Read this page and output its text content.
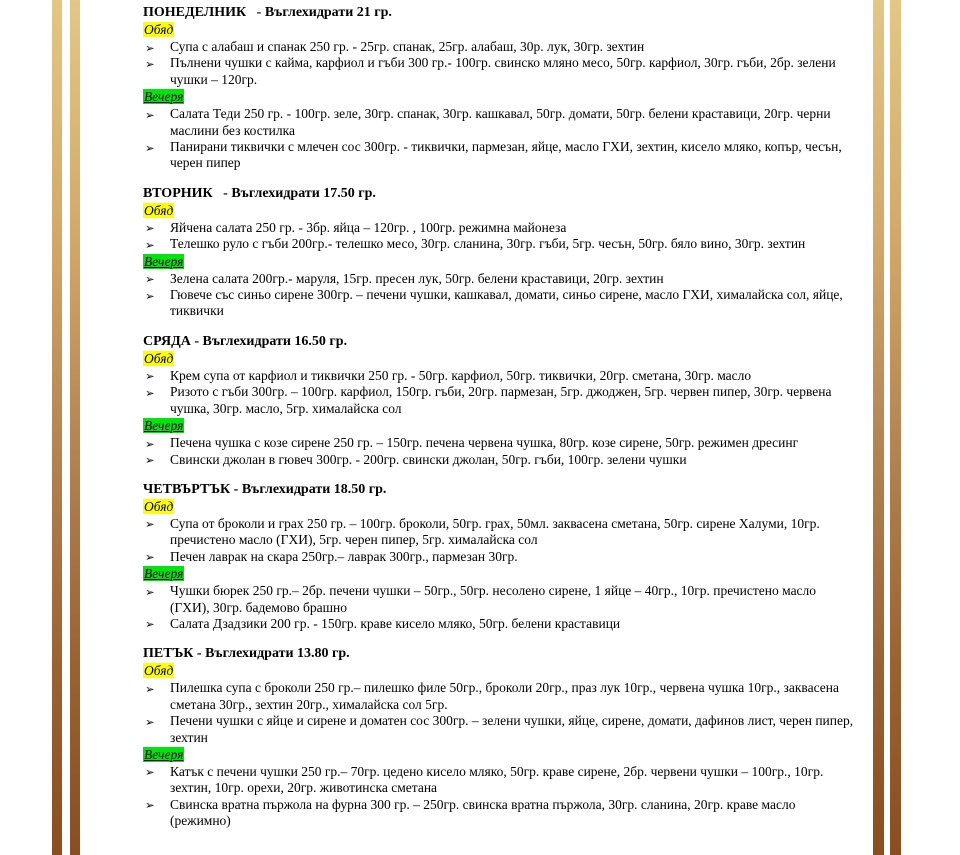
ПОНЕДЕЛНИК   - Въглехидрати 21 гр.
Обяд
➢ Супа с алабаш и спанак 250 гр. - 25гр. спанак, 25гр. алабаш, 30р. лук, 30гр. зехтин
➢ Пълнени чушки с кайма, карфиол и гъби 300 гр.- 100гр. свинско мляно месо, 50гр. карфиол, 30гр. гъби, 2бр. зелени чушки – 120гр.
Вечеря
➢ Салата Теди 250 гр. - 100гр. зеле, 30гр. спанак, 30гр. кашкавал, 50гр. домати, 50гр. белени краставици, 20гр. черни маслини без костилка
➢ Панирани тиквички с млечен сос 300гр. - тиквички, пармезан, яйце, масло ГХИ, зехтин, кисело мляко, копър, чесън, черен пипер
ВТОРНИК   - Въглехидрати 17.50 гр.
Обяд
➢ Яйчена салата 250 гр. - 3бр. яйца – 120гр. , 100гр. режимна майонеза
➢ Телешко руло с гъби 200гр.- телешко месо, 30гр. сланина, 30гр. гъби, 5гр. чесън, 50гр. бяло вино, 30гр. зехтин
Вечеря
➢ Зелена салата 200гр.- маруля, 15гр. пресен лук, 50гр. белени краставици, 20гр. зехтин
➢ Гювече със синьо сирене 300гр. – печени чушки, кашкавал, домати, синьо сирене, масло ГХИ, хималайска сол, яйце, тиквички
СРЯДА - Въглехидрати 16.50 гр.
Обяд
➢ Крем супа от карфиол и тиквички 250 гр. - 50гр. карфиол, 50гр. тиквички, 20гр. сметана, 30гр. масло
➢ Ризото с гъби 300гр. – 100гр. карфиол, 150гр. гъби, 20гр. пармезан, 5гр. джоджен, 5гр. червен пипер, 30гр. червена чушка, 30гр. масло, 5гр. хималайска сол
Вечеря
➢ Печена чушка с козе сирене 250 гр. – 150гр. печена червена чушка, 80гр. козе сирене, 50гр. режимен дресинг
➢ Свински джолан в гювеч 300гр. - 200гр. свински джолан, 50гр. гъби, 100гр. зелени чушки
ЧЕТВЪРТЪК - Въглехидрати 18.50 гр.
Обяд
➢ Супа от броколи и грах 250 гр. – 100гр. броколи, 50гр. грах, 50мл. заквасена сметана, 50гр. сирене Халуми, 10гр. пречистено масло (ГХИ), 5гр. черен пипер, 5гр. хималайска сол
➢ Печен лаврак на скара 250гр.– лаврак 300гр., пармезан 30гр.
Вечеря
➢ Чушки бюрек 250 гр.– 2бр. печени чушки – 50гр., 50гр. несолено сирене, 1 яйце – 40гр., 10гр. пречистено масло (ГХИ), 30гр. бадемово брашно
➢ Салата Дзадзики 200 гр. - 150гр. краве кисело мляко, 50гр. белени краставици
ПЕТЪК - Въглехидрати 13.80 гр.
Обяд
➢ Пилешка супа с броколи 250 гр.– пилешко филе 50гр., броколи 20гр., праз лук 10гр., червена чушка 10гр., заквасена сметана 30гр., зехтин 20гр., хималайска сол 5гр.
➢ Печени чушки с яйце и сирене и доматен сос 300гр. – зелени чушки, яйце, сирене, домати, дафинов лист, черен пипер, зехтин
Вечеря
➢ Катък с печени чушки 250 гр.– 70гр. цедено кисело мляко, 50гр. краве сирене, 2бр. червени чушки – 100гр., 10гр. зехтин, 10гр. орехи, 20гр. животинска сметана
➢ Свинска вратна пържола на фурна 300 гр. – 250гр. свинска вратна пържола, 30гр. сланина, 20гр. краве масло (режимно)
